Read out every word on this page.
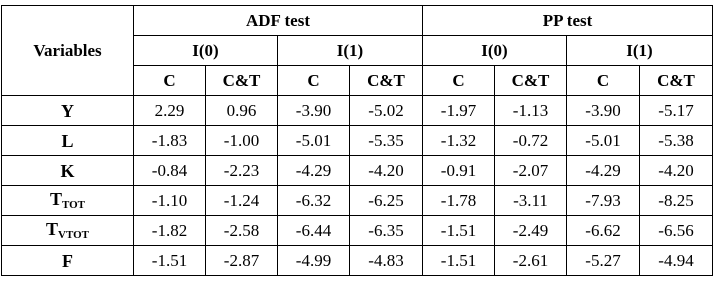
Variables	ADF test				PP test			
	I(0)		I(1)		I(0)		I(1)	
	C	C&T	C	C&T	C	C&T	C	C&T
Y	2.29	0.96	-3.90	-5.02	-1.97	-1.13	-3.90	-5.17
L	-1.83	-1.00	-5.01	-5.35	-1.32	-0.72	-5.01	-5.38
K	-0.84	-2.23	-4.29	-4.20	-0.91	-2.07	-4.29	-4.20
$T_{TOT}$	-1.10	-1.24	-6.32	-6.25	-1.78	-3.11	-7.93	-8.25
$T_{VTOT}$	-1.82	-2.58	-6.44	-6.35	-1.51	-2.49	-6.62	-6.56
F	-1.51	-2.87	-4.99	-4.83	-1.51	-2.61	-5.27	-4.94
